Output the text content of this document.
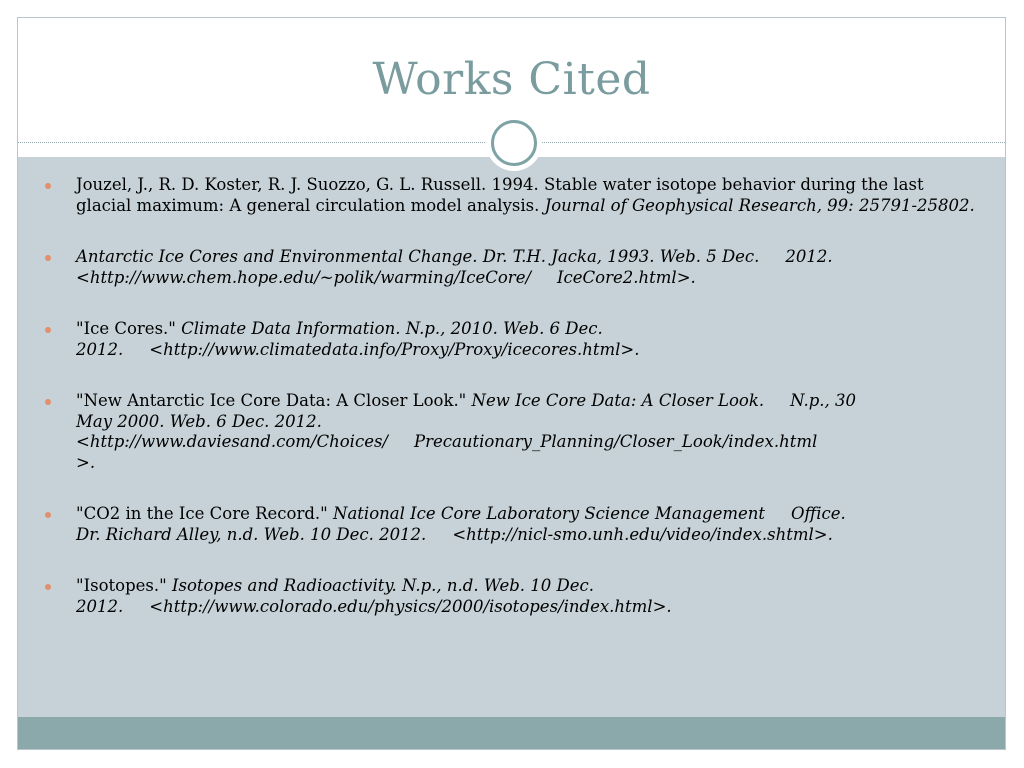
Works Cited
Jouzel, J., R. D. Koster, R. J. Suozzo, G. L. Russell. 1994. Stable water isotope behavior during the last glacial maximum: A general circulation model analysis. Journal of Geophysical Research, 99: 25791-25802.
Antarctic Ice Cores and Environmental Change. Dr. T.H. Jacka, 1993. Web. 5 Dec. 2012.
<http://www.chem.hope.edu/~polik/warming/IceCore/ IceCore2.html>.
"Ice Cores." Climate Data Information. N.p., 2010. Web. 6 Dec.
2012. <http://www.climatedata.info/Proxy/Proxy/icecores.html>.
"New Antarctic Ice Core Data: A Closer Look." New Ice Core Data: A Closer Look. N.p., 30
May 2000. Web. 6 Dec. 2012.
<http://www.daviesand.com/Choices/ Precautionary_Planning/Closer_Look/index.html
>.
"CO2 in the Ice Core Record." National Ice Core Laboratory Science Management Office.
Dr. Richard Alley, n.d. Web. 10 Dec. 2012. <http://nicl-smo.unh.edu/video/index.shtml>.
"Isotopes." Isotopes and Radioactivity. N.p., n.d. Web. 10 Dec.
2012. <http://www.colorado.edu/physics/2000/isotopes/index.html>.
